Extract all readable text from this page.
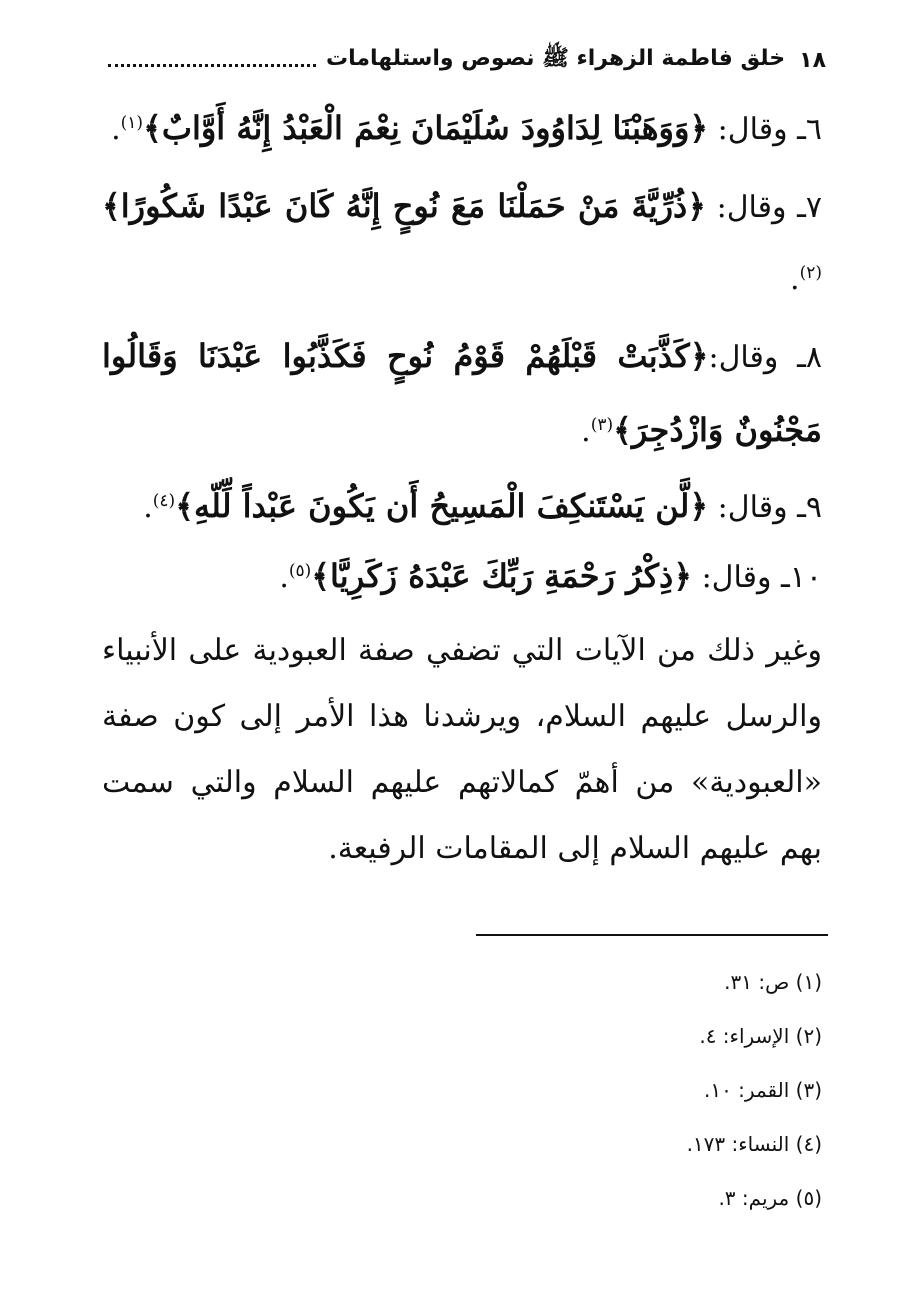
١٨
خلق فاطمة الزهراء ﷺ نصوص واستلهامات

٦ـ وقال: ﴿وَوَهَبْنَا لِدَاوُودَ سُلَيْمَانَ نِعْمَ الْعَبْدُ إِنَّهُ أَوَّابٌ﴾$^{(١)}$.

٧ـ وقال: ﴿ذُرِّيَّةَ مَنْ حَمَلْنَا مَعَ نُوحٍ إِنَّهُ كَانَ عَبْدًا شَكُورًا﴾$^{(٢)}$.

٨ـ وقال:﴿كَذَّبَتْ قَبْلَهُمْ قَوْمُ نُوحٍ فَكَذَّبُوا عَبْدَنَا وَقَالُوا مَجْنُونٌ وَازْدُجِرَ﴾$^{(٣)}$.

٩ـ وقال: ﴿لَّن يَسْتَنكِفَ الْمَسِيحُ أَن يَكُونَ عَبْداً لِّلّهِ﴾$^{(٤)}$.

١٠ـ وقال: ﴿ذِكْرُ رَحْمَةِ رَبِّكَ عَبْدَهُ زَكَرِيَّا﴾$^{(٥)}$.

وغير ذلك من الآيات التي تضفي صفة العبودية على الأنبياء والرسل عليهم السلام، ويرشدنا هذا الأمر إلى كون صفة «العبودية» من أهمّ كمالاتهم عليهم السلام والتي سمت بهم عليهم السلام إلى المقامات الرفيعة.

(١) ص: ٣١.
(٢) الإسراء: ٤.
(٣) القمر: ١٠.
(٤) النساء: ١٧٣.
(٥) مريم: ٣.
